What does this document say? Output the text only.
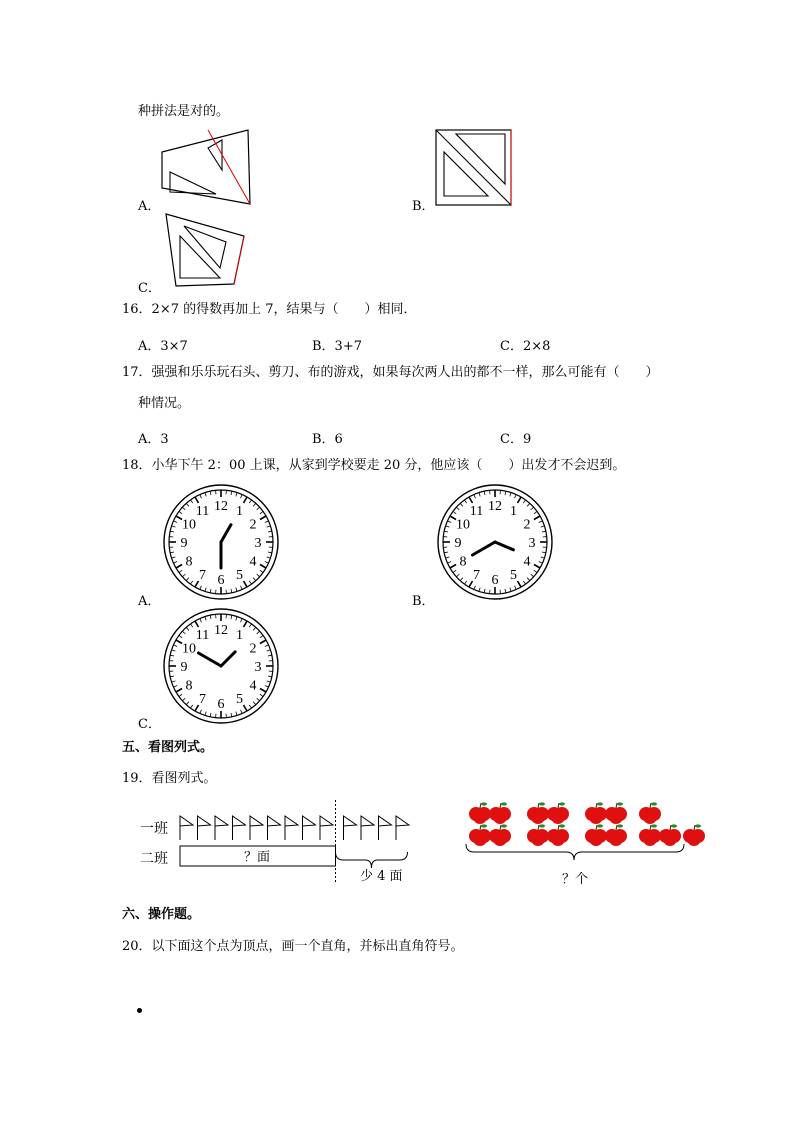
种拼法是对的。
A．	B．
C．
16．2×7 的得数再加上 7，结果与（　　）相同．
A．3×7	B．3+7	C．2×8
17．强强和乐乐玩石头、剪刀、布的游戏，如果每次两人出的都不一样，那么可能有（　　）
种情况。
A．3	B．6	C．9
18．小华下午 2：00 上课，从家到学校要走 20 分，他应该（　　）出发才不会迟到。
12 1
2
3
4
5
6
7
8
9
10
11
A．
12 1
2
3
4
5
6
7
8
9
10
11
B．
12 1
2
3
4
5
6
7
8
9
10
11
C．
五、看图列式。
19．看图列式。
一班
二班	？面
少 4 面	？个
六、操作题。
20．以下面这个点为顶点，画一个直角，并标出直角符号。
